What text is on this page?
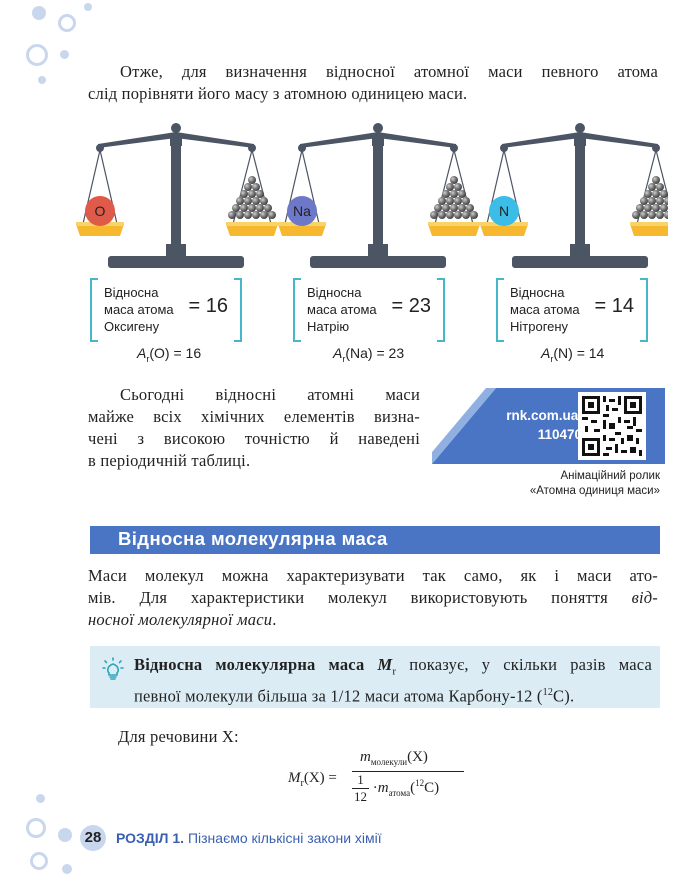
Отже, для визначення відносної атомної маси певного атома
слід порівняти його масу з атомною одиницею маси.
O	Na	N
Відносна
маса атома
Оксигену
= 16
Відносна
маса атома
Натрію
= 23
Відносна
маса атома
Нітрогену
= 14
$A_r(O) = 16$	$A_r(Na) = 23$	$A_r(N) = 14$
Сьогодні відносні атомні маси
майже всіх хімічних елементів визна-
чені з високою точністю й наведені
в періодичній таблиці.
rnk.com.ua/
110470
Анімаційний ролик
«Атомна одиниця маси»
Відносна молекулярна маса
Маси молекул можна характеризувати так само, як і маси ато-
мів. Для характеристики молекул використовують поняття від-
носної молекулярної маси.
Відносна молекулярна маса $M_r$ показує, у скільки разів маса
певної молекули більша за 1/12 маси атома Карбону-12 ($^{12}$C).
Для речовини X:
$M_r(X)$ =
$m_{молекули}(X)$
$\frac{1}{12} \cdot m_{атома}(^{12}C)$
28	РОЗДІЛ 1. Пізнаємо кількісні закони хімії
